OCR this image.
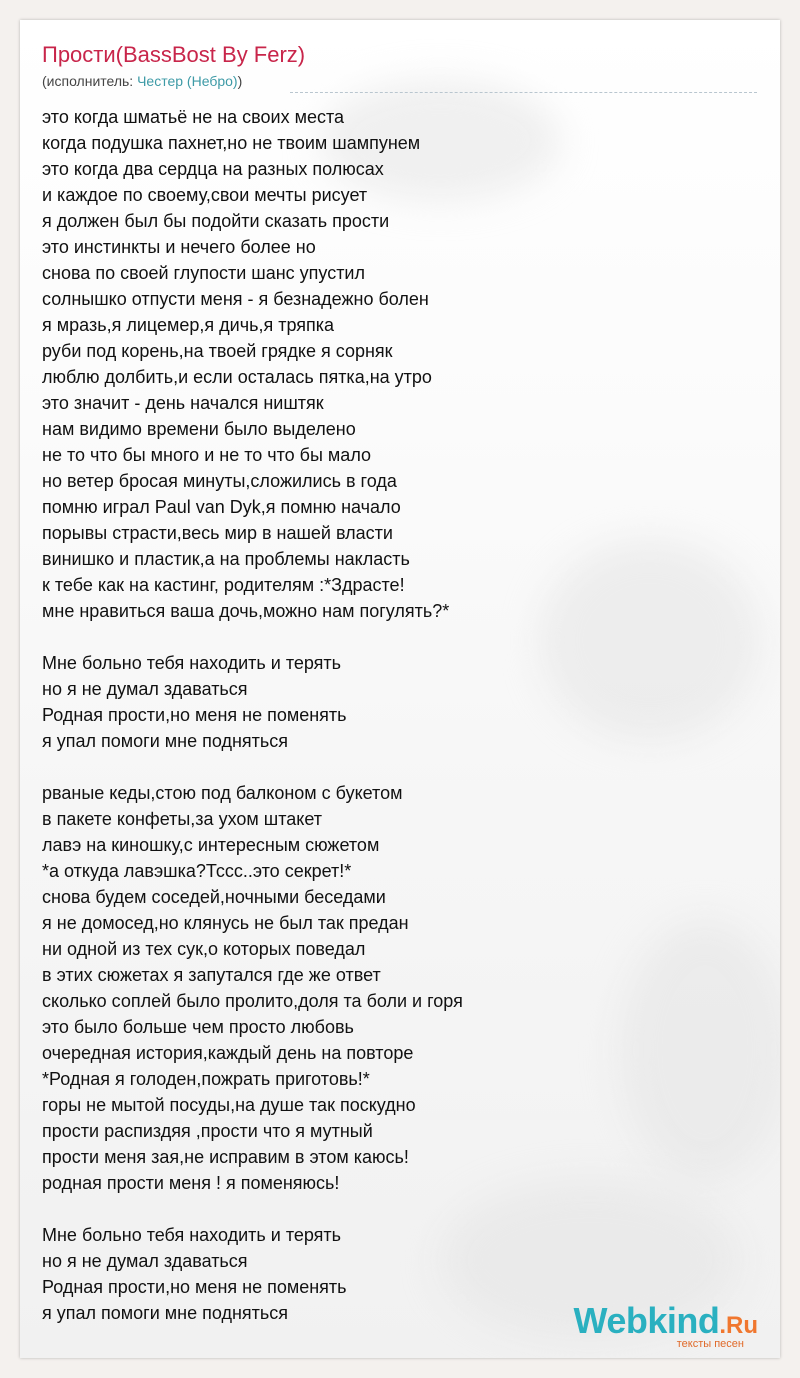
Прости(BassBost By Ferz)
(исполнитель: Честер (Небро))
это когда шматьё не на своих места
когда подушка пахнет,но не твоим шампунем
это когда два сердца на разных полюсах
и каждое по своему,свои мечты рисует
я должен был бы подойти сказать прости
это инстинкты и нечего более но
снова по своей глупости шанс упустил
солнышко отпусти меня - я безнадежно болен
я мразь,я лицемер,я дичь,я тряпка
руби под корень,на твоей грядке я сорняк
люблю долбить,и если осталась пятка,на утро
это значит - день начался ништяк
нам видимо времени было выделено
не то что бы много и не то что бы мало
но ветер бросая минуты,сложились в года
помню играл Paul van Dyk,я помню начало
порывы страсти,весь мир в нашей власти
винишко и пластик,а на проблемы накласть
к тебе как на кастинг, родителям :*Здрасте!
мне нравиться ваша дочь,можно нам погулять?*
Мне больно тебя находить и терять
но я не думал здаваться
Родная прости,но меня не поменять
я упал помоги мне подняться
рваные кеды,стою под балконом с букетом
в пакете конфеты,за ухом штакет
лавэ на киношку,с интересным сюжетом
*а откуда лавэшка?Тссс..это секрет!*
снова будем соседей,ночными беседами
я не домосед,но клянусь не был так предан
ни одной из тех сук,о которых поведал
в этих сюжетах я запутался где же ответ
сколько соплей было пролито,доля та боли и горя
это было больше чем просто любовь
очередная история,каждый день на повторе
*Родная я голоден,пожрать приготовь!*
горы не мытой посуды,на душе так поскудно
прости распиздяя ,прости что я мутный
прости меня зая,не исправим в этом каюсь!
родная прости меня ! я поменяюсь!
Мне больно тебя находить и терять
но я не думал здаваться
Родная прости,но меня не поменять
я упал помоги мне подняться	Webkind.Ru
тексты песен
